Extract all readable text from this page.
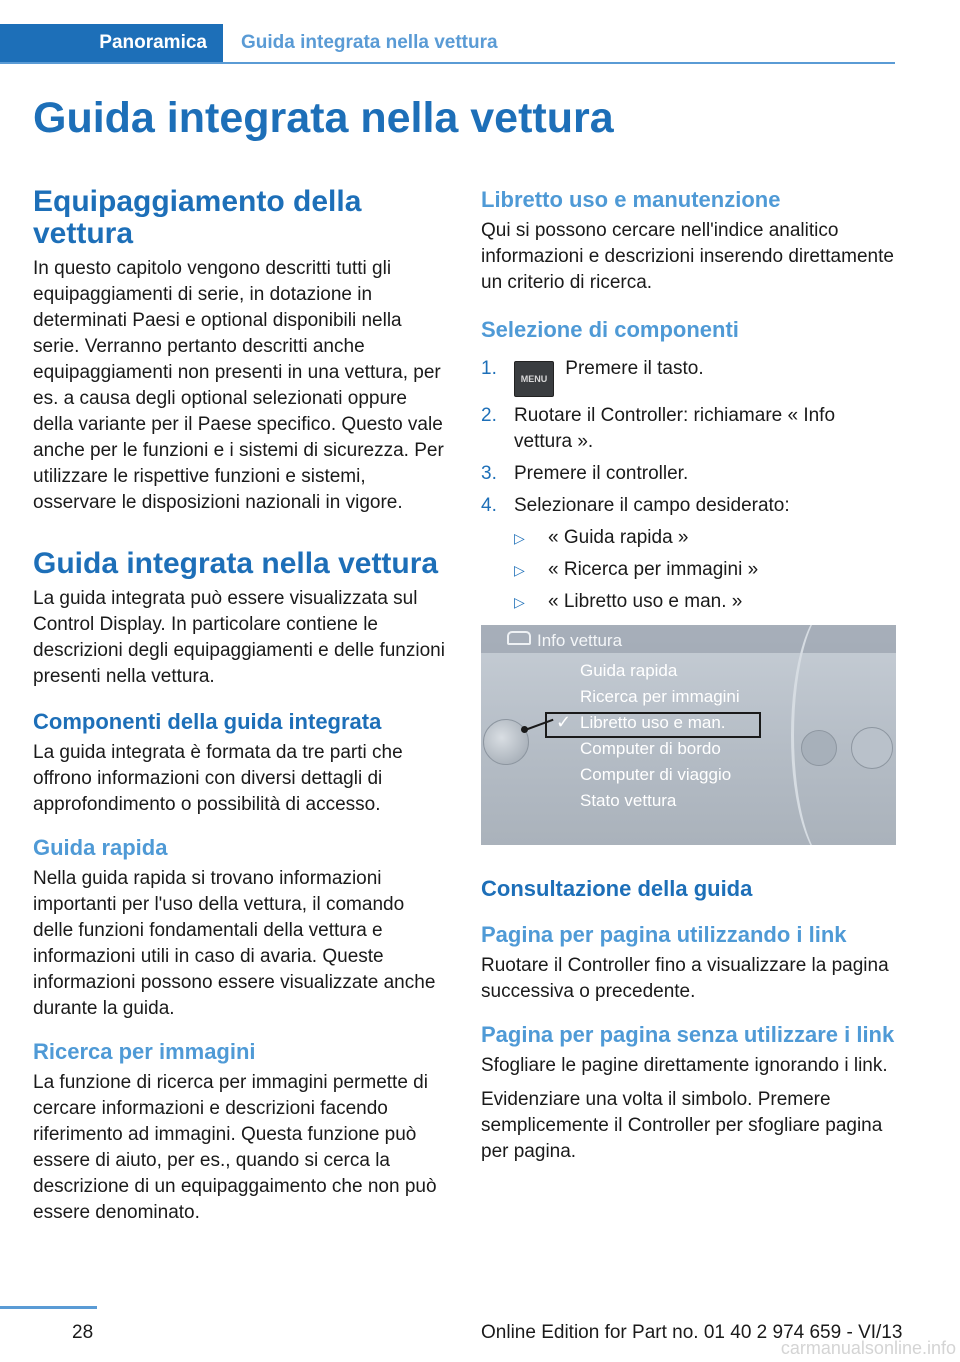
Panoramica	Guida integrata nella vettura
Guida integrata nella vettura
Equipaggiamento della vettura

In questo capitolo vengono descritti tutti gli equipaggiamenti di serie, in dotazione in determinati Paesi e optional disponibili nella serie. Verranno pertanto descritti anche equipaggiamenti non presenti in una vettura, per es. a causa degli optional selezionati oppure della variante per il Paese specifico. Questo vale anche per le funzioni e i sistemi di sicurezza. Per utilizzare le rispettive funzioni e sistemi, osservare le disposizioni nazionali in vigore.

Guida integrata nella vettura

La guida integrata può essere visualizzata sul Control Display. In particolare contiene le descrizioni degli equipaggiamenti e delle funzioni presenti nella vettura.

Componenti della guida integrata

La guida integrata è formata da tre parti che offrono informazioni con diversi dettagli di approfondimento o possibilità di accesso.

Guida rapida

Nella guida rapida si trovano informazioni importanti per l'uso della vettura, il comando delle funzioni fondamentali della vettura e informazioni utili in caso di avaria. Queste informazioni possono essere visualizzate anche durante la guida.

Ricerca per immagini

La funzione di ricerca per immagini permette di cercare informazioni e descrizioni facendo riferimento ad immagini. Questa funzione può essere di aiuto, per es., quando si cerca la descrizione di un equipaggaimento che non può essere denominato.

Libretto uso e manutenzione

Qui si possono cercare nell'indice analitico informazioni e descrizioni inserendo direttamente un criterio di ricerca.

Selezione di componenti
1.	MENU Premere il tasto.
2. Ruotare il Controller: richiamare « Info vettura ».
3. Premere il controller.
4. Selezionare il campo desiderato:
▷ « Guida rapida »
▷ « Ricerca per immagini »
▷ « Libretto uso e man. »
Info vettura
✓
Guida rapida
Ricerca per immagini
Libretto uso e man.
Computer di bordo
Computer di viaggio
Stato vettura
Consultazione della guida
Pagina per pagina utilizzando i link

Ruotare il Controller fino a visualizzare la pagina successiva o precedente.

Pagina per pagina senza utilizzare i link

Sfogliare le pagine direttamente ignorando i link.

Evidenziare una volta il simbolo. Premere semplicemente il Controller per sfogliare pagina per pagina.

28	Online Edition for Part no. 01 40 2 974 659 - VI/13
carmanualsonline.info
